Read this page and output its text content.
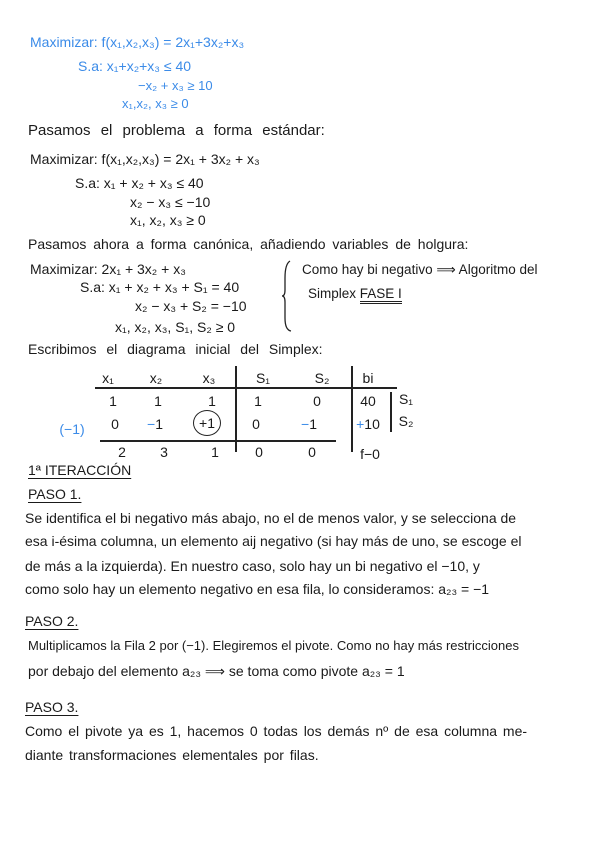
Maximizar: f(x₁,x₂,x₃) = 2x₁+3x₂+x₃
S.a: x₁+x₂+x₃ ≤ 40
−x₂ + x₃ ≥ 10
x₁,x₂, x₃ ≥ 0
Pasamos el problema a forma estándar:
Maximizar: f(x₁,x₂,x₃) = 2x₁ + 3x₂ + x₃
S.a: x₁ + x₂ + x₃ ≤ 40
x₂ − x₃ ≤ −10
x₁, x₂, x₃ ≥ 0
Pasamos ahora a forma canónica, añadiendo variables de holgura:
Maximizar: 2x₁ + 3x₂ + x₃
S.a: x₁ + x₂ + x₃ + S₁ = 40
x₂ − x₃ + S₂ = −10
x₁, x₂, x₃, S₁, S₂ ≥ 0
Como hay bi negativo ⟹ Algoritmo del
Simplex FASE I
Escribimos el diagrama inicial del Simplex:
x₁	x₂	x₃	S₁	S₂ bi
1	1	1	1	0	40 S₁
(−1) 0 −1	+1	0	−1	+10 S₂
2 3	1	0	0	f−0
1ª ITERACCIÓN
PASO 1.
Se identifica el bi negativo más abajo, no el de menos valor, y se selecciona de
esa i-ésima columna, un elemento aij negativo (si hay más de uno, se escoge el
de más a la izquierda). En nuestro caso, solo hay un bi negativo el −10, y
como solo hay un elemento negativo en esa fila, lo consideramos: a₂₃ = −1
PASO 2.
Multiplicamos la Fila 2 por (−1). Elegiremos el pivote. Como no hay más restricciones
por debajo del elemento a₂₃ ⟹ se toma como pivote a₂₃ = 1
PASO 3.
Como el pivote ya es 1, hacemos 0 todas los demás nº de esa columna me-
diante transformaciones elementales por filas.
